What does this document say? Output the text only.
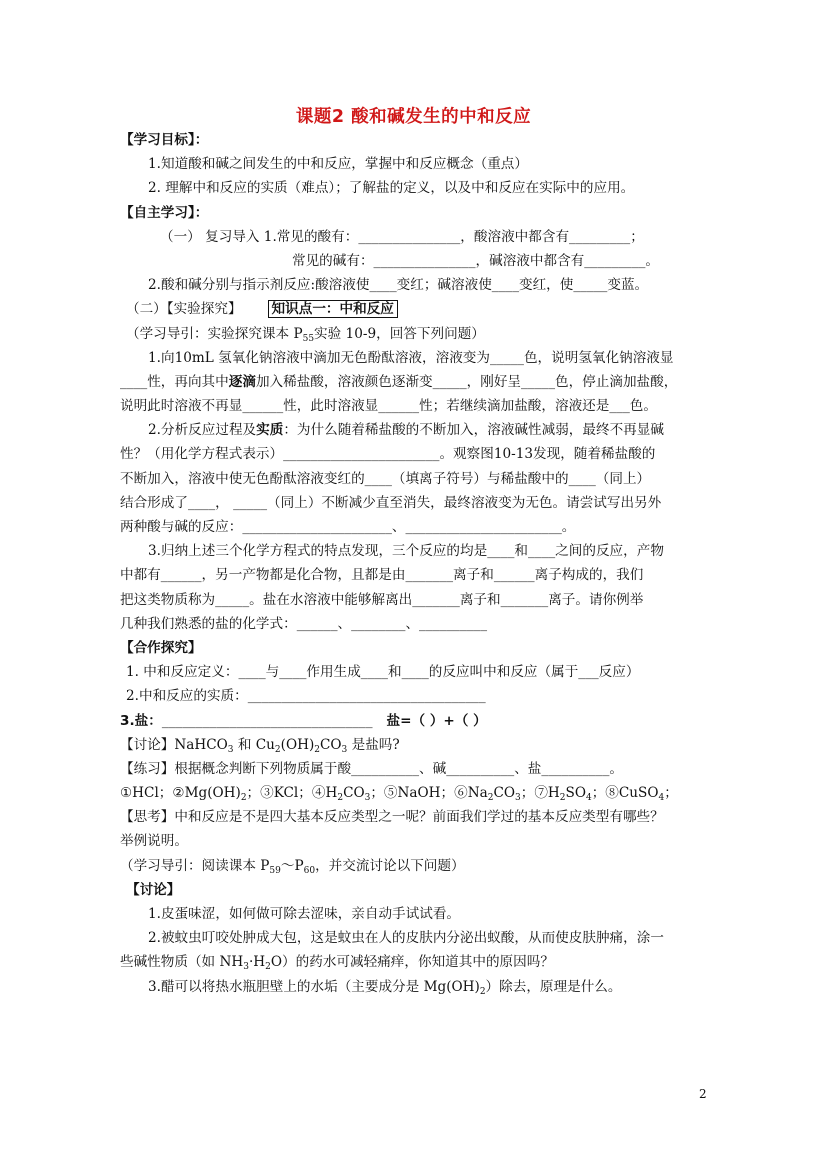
课题2 酸和碱发生的中和反应
【学习目标】：
1.知道酸和碱之间发生的中和反应，掌握中和反应概念（重点）
2. 理解中和反应的实质（难点）；了解盐的定义，以及中和反应在实际中的应用。
【自主学习】：
（一） 复习导入 1.常见的酸有：_______________，酸溶液中都含有_________；
常见的碱有：_______________，碱溶液中都含有_________。
2.酸和碱分别与指示剂反应:酸溶液使____变红；碱溶液使____变红，使_____变蓝。
（二）【实验探究】 知识点一：中和反应
（学习导引：实验探究课本 $P_{55}$实验 10-9，回答下列问题）
1.向10mL 氢氧化钠溶液中滴加无色酚酞溶液，溶液变为_____色，说明氢氧化钠溶液显
____性，再向其中逐滴加入稀盐酸，溶液颜色逐渐变_____，刚好呈_____色，停止滴加盐酸，
说明此时溶液不再显______性，此时溶液显______性；若继续滴加盐酸，溶液还是___色。
2.分析反应过程及实质：为什么随着稀盐酸的不断加入，溶液碱性减弱，最终不再显碱
性？（用化学方程式表示）_______________________。观察图10-13发现，随着稀盐酸的
不断加入，溶液中使无色酚酞溶液变红的____（填离子符号）与稀盐酸中的____（同上）
结合形成了____， _____（同上）不断减少直至消失，最终溶液变为无色。请尝试写出另外
两种酸与碱的反应：______________________、_______________________。
3.归纳上述三个化学方程式的特点发现，三个反应的均是____和____之间的反应，产物
中都有______，另一产物都是化合物，且都是由_______离子和______离子构成的，我们
把这类物质称为_____。盐在水溶液中能够解离出_______离子和_______离子。请你例举
几种我们熟悉的盐的化学式：______、________、__________
【合作探究】
1. 中和反应定义：____与____作用生成____和____的反应叫中和反应（属于___反应）
2.中和反应的实质：___________________________________
3.盐：_______________________________ 盐=（ ）+（ ）
【讨论】NaHCO$_3$ 和 $Cu_2(OH)_2CO_3$ 是盐吗?
【练习】根据概念判断下列物质属于酸__________、碱__________、盐__________。
①HCl；$②Mg(OH)_2$；③KCl；$④H_2CO_3$；⑤NaOH；$⑥Na_2CO_3$；$⑦H_2SO_4$；⑧CuSO$_4$；
【思考】中和反应是不是四大基本反应类型之一呢？前面我们学过的基本反应类型有哪些？
举例说明。
（学习导引：阅读课本 $P_{59}\sim P_{60}$，并交流讨论以下问题）
【讨论】
1.皮蛋味涩，如何做可除去涩味，亲自动手试试看。
2.被蚊虫叮咬处肿成大包，这是蚊虫在人的皮肤内分泌出蚁酸，从而使皮肤肿痛，涂一
些碱性物质（如 $NH_3\cdot H_2O$）的药水可减轻痛痒，你知道其中的原因吗？
3.醋可以将热水瓶胆壁上的水垢（主要成分是 $Mg(OH)_2$）除去，原理是什么。
2
